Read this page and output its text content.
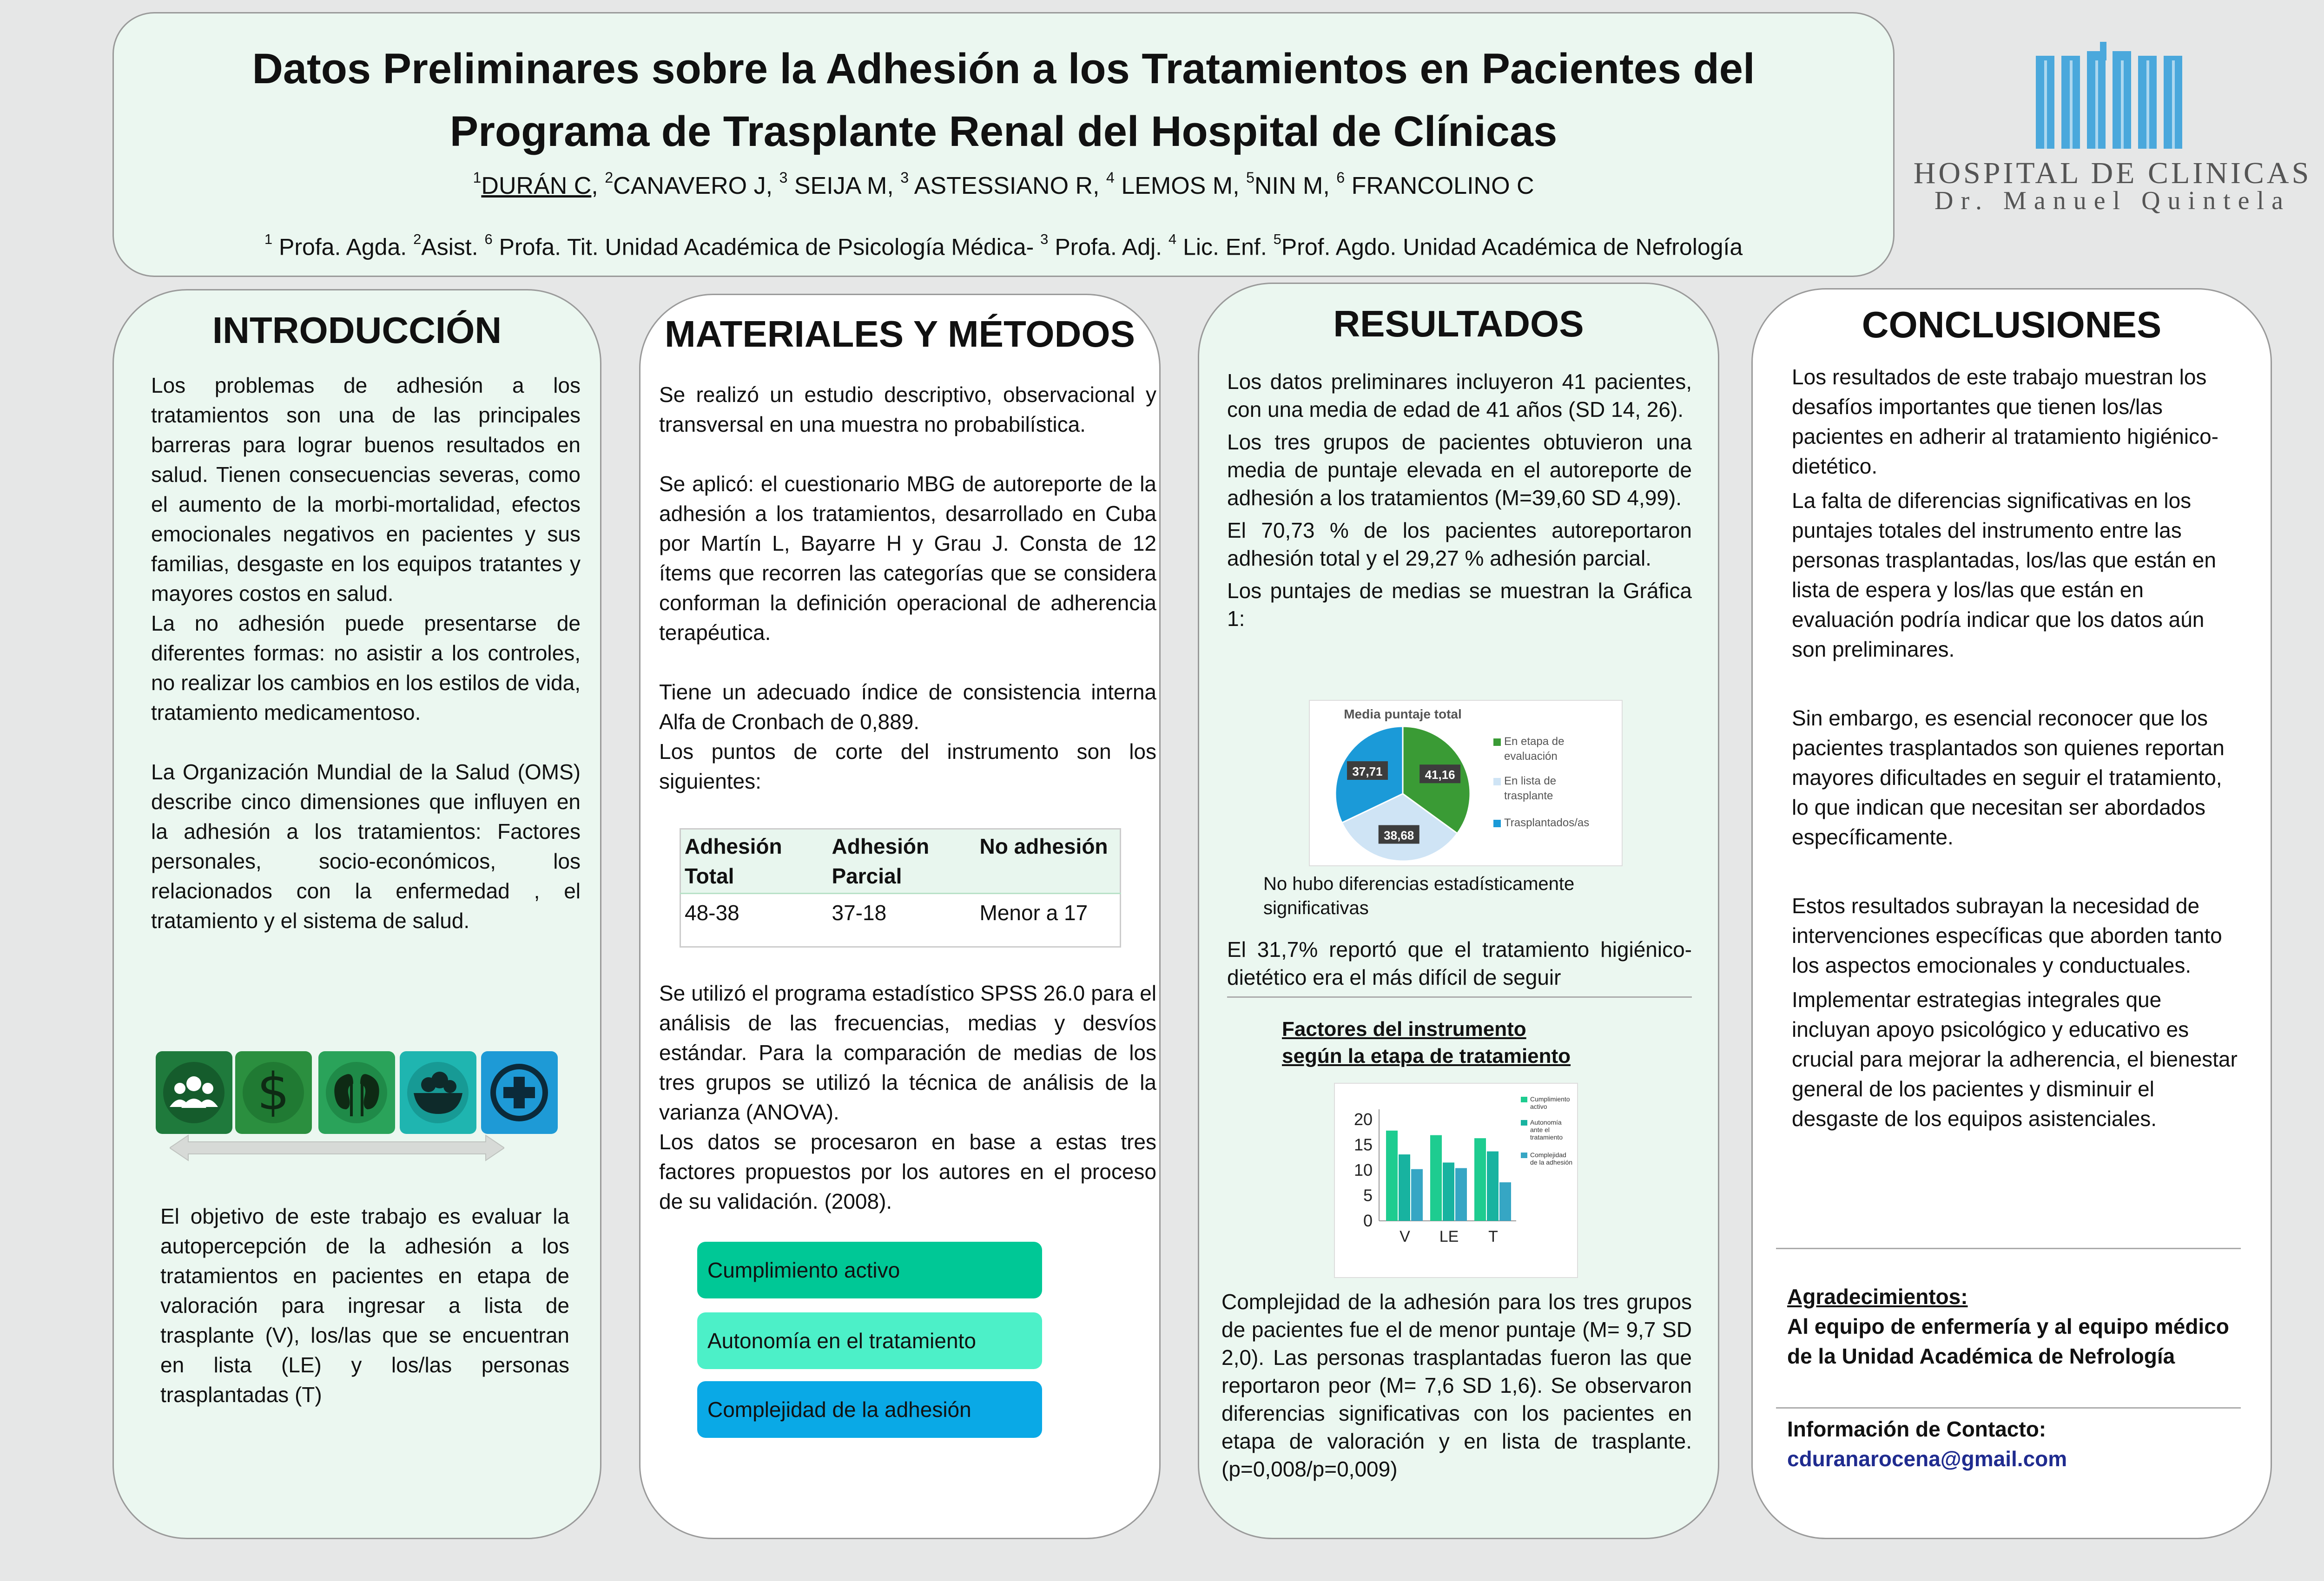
Datos Preliminares sobre la Adhesión a los Tratamientos en Pacientes del
Programa de Trasplante Renal del Hospital de Clínicas
$^1$DURÁN C, $^2$CANAVERO J, $^3$ SEIJA M, $^3$ ASTESSIANO R, $^4$ LEMOS M, $^5$NIN M, $^6$ FRANCOLINO C
$^1$ Profa. Agda. $^2$Asist. $^6$ Profa. Tit. Unidad Académica de Psicología Médica- $^3$ Profa. Adj. $^4$ Lic. Enf. $^5$Prof. Agdo. Unidad Académica de Nefrología
HOSPITAL DE CLINICAS
Dr. Manuel Quintela
INTRODUCCIÓN
Los problemas de adhesión a los tratamientos son una de las principales barreras para lograr buenos resultados en salud. Tienen consecuencias severas, como el aumento de la morbi-mortalidad, efectos emocionales negativos en pacientes y sus familias, desgaste en los equipos tratantes y mayores costos en salud.
La no adhesión puede presentarse de diferentes formas: no asistir a los controles, no realizar los cambios en los estilos de vida, tratamiento medicamentoso.
La Organización Mundial de la Salud (OMS) describe cinco dimensiones que influyen en la adhesión a los tratamientos: Factores personales, socio-económicos, los relacionados con la enfermedad , el tratamiento y el sistema de salud.
El objetivo de este trabajo es evaluar la autopercepción de la adhesión a los tratamientos en pacientes en etapa de valoración para ingresar a lista de trasplante (V), los/las que se encuentran en lista (LE) y los/las personas trasplantadas (T)
$
MATERIALES Y MÉTODOS
Se realizó un estudio descriptivo, observacional y transversal en una muestra no probabilística.
Se aplicó: el cuestionario MBG de autoreporte de la adhesión a los tratamientos, desarrollado en Cuba por Martín L, Bayarre H y Grau J. Consta de 12 ítems que recorren las categorías que se considera conforman la definición operacional de adherencia terapéutica.
Tiene un adecuado índice de consistencia interna Alfa de Cronbach de 0,889.
Los puntos de corte del instrumento son los siguientes:
Se utilizó el programa estadístico SPSS 26.0 para el análisis de las frecuencias, medias y desvíos estándar. Para la comparación de medias de los tres grupos se utilizó la técnica de análisis de la varianza (ANOVA).
Los datos se procesaron en base a estas tres factores propuestos por los autores en el proceso de su validación. (2008).
Adhesión Total	Adhesión Parcial	No adhesión
48-38	37-18	Menor a 17
Cumplimiento activo
Autonomía en el tratamiento
Complejidad de la adhesión
RESULTADOS
Los datos preliminares incluyeron 41 pacientes, con una media de edad de 41 años (SD 14, 26).
Los tres grupos de pacientes obtuvieron una media de puntaje elevada en el autoreporte de adhesión a los tratamientos (M=39,60 SD 4,99).
El 70,73 % de los pacientes autoreportaron adhesión total y el 29,27 % adhesión parcial.
Los puntajes de medias se muestran la Gráfica 1:
No hubo diferencias estadísticamente significativas
El 31,7% reportó que el tratamiento higiénico-dietético era el más difícil de seguir
Factores del instrumento
según la etapa de tratamiento
Complejidad de la adhesión para los tres grupos de pacientes fue el de menor puntaje (M= 9,7 SD 2,0). Las personas trasplantadas fueron las que reportaron peor (M= 7,6 SD 1,6). Se observaron diferencias significativas con los pacientes en etapa de valoración y en lista de trasplante. (p=0,008/p=0,009)
Media puntaje total
41,16
38,68
37,71
En etapa de evaluación
En lista de trasplante
Trasplantados/as
0
5
10
15
20
V LE T
Cumplimiento activo
Autonomía ante el tratamiento
Complejidad de la adhesión
CONCLUSIONES
Los resultados de este trabajo muestran los desafíos importantes que tienen los/las pacientes en adherir al tratamiento higiénico-dietético.
La falta de diferencias significativas en los puntajes totales del instrumento entre las personas trasplantadas, los/las que están en lista de espera y los/las que están en evaluación podría indicar que los datos aún son preliminares.
Sin embargo, es esencial reconocer que los pacientes trasplantados son quienes reportan mayores dificultades en seguir el tratamiento, lo que indican que necesitan ser abordados específicamente.
Estos resultados subrayan la necesidad de intervenciones específicas que aborden tanto los aspectos emocionales y conductuales.
Implementar estrategias integrales que incluyan apoyo psicológico y educativo es crucial para mejorar la adherencia, el bienestar general de los pacientes y disminuir el desgaste de los equipos asistenciales.
Agradecimientos:
Al equipo de enfermería y al equipo médico de la Unidad Académica de Nefrología
Información de Contacto:
cduranarocena@gmail.com
